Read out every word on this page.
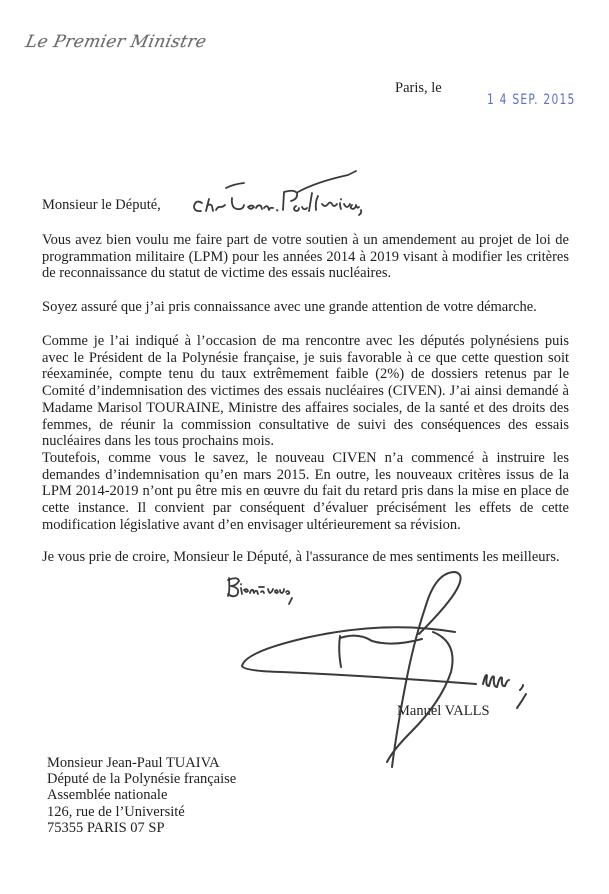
Le Premier Ministre
Paris, le
1 4 SEP. 2015
Monsieur le Député,

Vous avez bien voulu me faire part de votre soutien à un amendement au projet de loi de programmation militaire (LPM) pour les années 2014 à 2019 visant à modifier les critères de reconnaissance du statut de victime des essais nucléaires.

Soyez assuré que j’ai pris connaissance avec une grande attention de votre démarche.

Comme je l’ai indiqué à l’occasion de ma rencontre avec les députés polynésiens puis avec le Président de la Polynésie française, je suis favorable à ce que cette question soit réexaminée, compte tenu du taux extrêmement faible (2%) de dossiers retenus par le Comité d’indemnisation des victimes des essais nucléaires (CIVEN). J’ai ainsi demandé à Madame Marisol TOURAINE, Ministre des affaires sociales, de la santé et des droits des femmes, de réunir la commission consultative de suivi des conséquences des essais nucléaires dans les tous prochains mois.

Toutefois, comme vous le savez, le nouveau CIVEN n’a commencé à instruire les demandes d’indemnisation qu’en mars 2015. En outre, les nouveaux critères issus de la LPM 2014-2019 n’ont pu être mis en œuvre du fait du retard pris dans la mise en place de cette instance. Il convient par conséquent d’évaluer précisément les effets de cette modification législative avant d’en envisager ultérieurement sa révision.

Je vous prie de croire, Monsieur le Député, à l'assurance de mes sentiments les meilleurs.

Manuel VALLS
Monsieur Jean-Paul TUAIVA
Député de la Polynésie française
Assemblée nationale
126, rue de l’Université
75355 PARIS 07 SP
